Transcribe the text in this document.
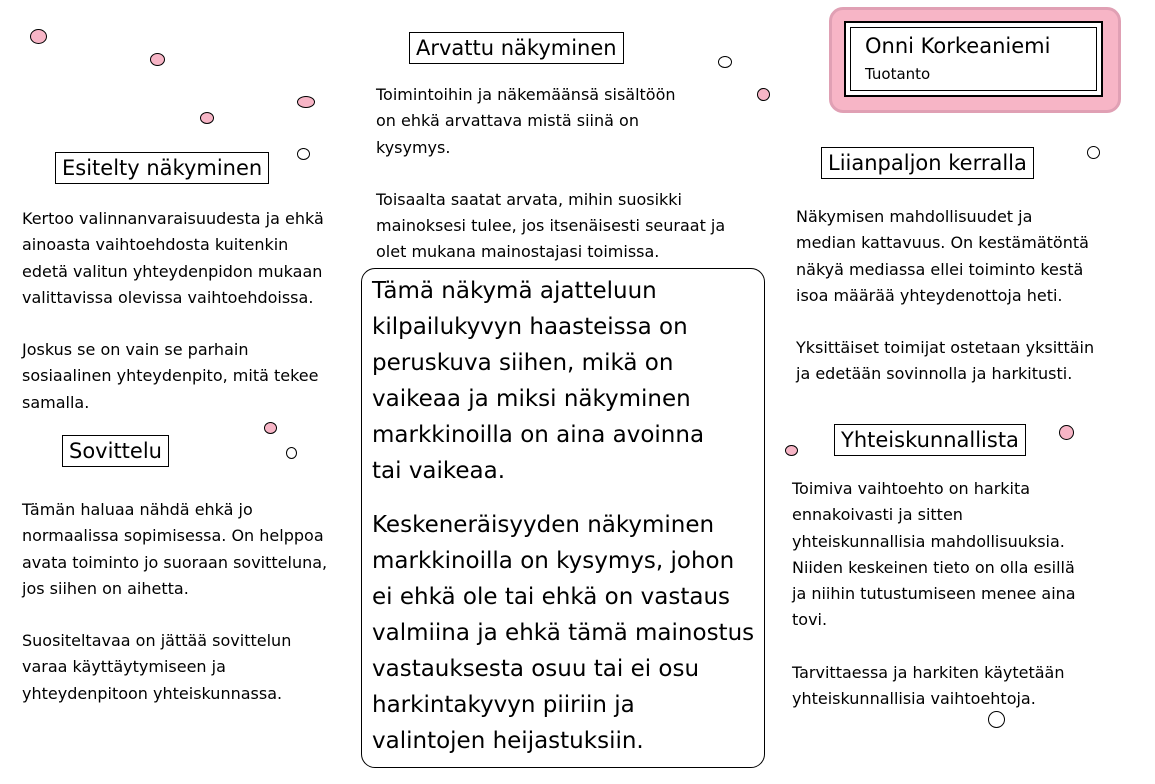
Onni Korkeaniemi
Tuotanto
Arvattu näkyminen

Toimintoihin ja näkemäänsä sisältöön

on ehkä arvattava mistä siinä on

kysymys.

Toisaalta saatat arvata, mihin suosikki

mainoksesi tulee, jos itsenäisesti seuraat ja

olet mukana mainostajasi toimissa.

Esitelty näkyminen

Kertoo valinnanvaraisuudesta ja ehkä

ainoasta vaihtoehdosta kuitenkin

edetä valitun yhteydenpidon mukaan

valittavissa olevissa vaihtoehdoissa.

Joskus se on vain se parhain

sosiaalinen yhteydenpito, mitä tekee

samalla.

Sovittelu

Tämän haluaa nähdä ehkä jo

normaalissa sopimisessa. On helppoa

avata toiminto jo suoraan sovitteluna,

jos siihen on aihetta.

Suositeltavaa on jättää sovittelun

varaa käyttäytymiseen ja

yhteydenpitoon yhteiskunnassa.

Liianpaljon kerralla

Näkymisen mahdollisuudet ja

median kattavuus. On kestämätöntä

näkyä mediassa ellei toiminto kestä

isoa määrää yhteydenottoja heti.

Yksittäiset toimijat ostetaan yksittäin

ja edetään sovinnolla ja harkitusti.

Yhteiskunnallista

Toimiva vaihtoehto on harkita

ennakoivasti ja sitten

yhteiskunnallisia mahdollisuuksia.

Niiden keskeinen tieto on olla esillä

ja niihin tutustumiseen menee aina

tovi.

Tarvittaessa ja harkiten käytetään

yhteiskunnallisia vaihtoehtoja.

Tämä näkymä ajatteluun

kilpailukyvyn haasteissa on

peruskuva siihen, mikä on

vaikeaa ja miksi näkyminen

markkinoilla on aina avoinna

tai vaikeaa.

Keskeneräisyyden näkyminen

markkinoilla on kysymys, johon

ei ehkä ole tai ehkä on vastaus

valmiina ja ehkä tämä mainostus

vastauksesta osuu tai ei osu

harkintakyvyn piiriin ja

valintojen heijastuksiin.
